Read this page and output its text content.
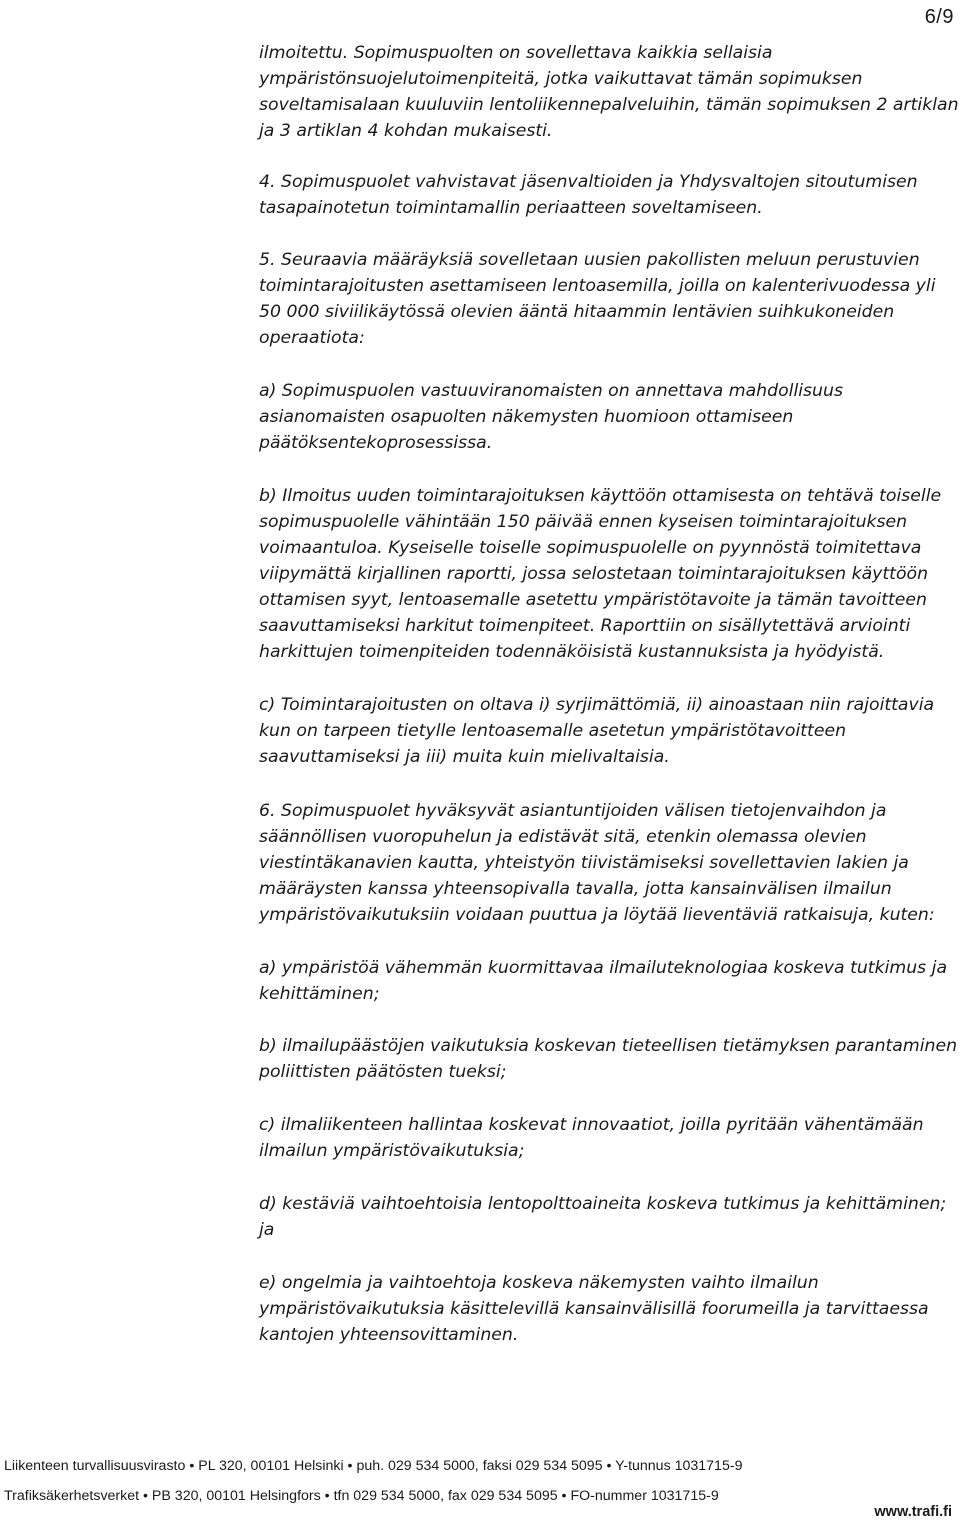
6/9

ilmoitettu. Sopimuspuolten on sovellettava kaikkia sellaisia ympäristönsuojelutoimenpiteitä, jotka vaikuttavat tämän sopimuksen soveltamisalaan kuuluviin lentoliikennepalveluihin, tämän sopimuksen 2 artiklan ja 3 artiklan 4 kohdan mukaisesti.

4. Sopimuspuolet vahvistavat jäsenvaltioiden ja Yhdysvaltojen sitoutumisen tasapainotetun toimintamallin periaatteen soveltamiseen.

5. Seuraavia määräyksiä sovelletaan uusien pakollisten meluun perustuvien toimintarajoitusten asettamiseen lentoasemilla, joilla on kalenterivuodessa yli 50 000 siviilikäytössä olevien ääntä hitaammin lentävien suihkukoneiden operaatiota:

a) Sopimuspuolen vastuuviranomaisten on annettava mahdollisuus asianomaisten osapuolten näkemysten huomioon ottamiseen päätöksentekoprosessissa.

b) Ilmoitus uuden toimintarajoituksen käyttöön ottamisesta on tehtävä toiselle sopimuspuolelle vähintään 150 päivää ennen kyseisen toimintarajoituksen voimaantuloa. Kyseiselle toiselle sopimuspuolelle on pyynnöstä toimitettava viipymättä kirjallinen raportti, jossa selostetaan toimintarajoituksen käyttöön ottamisen syyt, lentoasemalle asetettu ympäristötavoite ja tämän tavoitteen saavuttamiseksi harkitut toimenpiteet. Raporttiin on sisällytettävä arviointi harkittujen toimenpiteiden todennäköisistä kustannuksista ja hyödyistä.

c) Toimintarajoitusten on oltava i) syrjimättömiä, ii) ainoastaan niin rajoittavia kun on tarpeen tietylle lentoasemalle asetetun ympäristötavoitteen saavuttamiseksi ja iii) muita kuin mielivaltaisia.

6. Sopimuspuolet hyväksyvät asiantuntijoiden välisen tietojenvaihdon ja säännöllisen vuoropuhelun ja edistävät sitä, etenkin olemassa olevien viestintäkanavien kautta, yhteistyön tiivistämiseksi sovellettavien lakien ja määräysten kanssa yhteensopivalla tavalla, jotta kansainvälisen ilmailun ympäristövaikutuksiin voidaan puuttua ja löytää lieventäviä ratkaisuja, kuten:

a) ympäristöä vähemmän kuormittavaa ilmailuteknologiaa koskeva tutkimus ja kehittäminen;

b) ilmailupäästöjen vaikutuksia koskevan tieteellisen tietämyksen parantaminen poliittisten päätösten tueksi;

c) ilmaliikenteen hallintaa koskevat innovaatiot, joilla pyritään vähentämään ilmailun ympäristövaikutuksia;

d) kestäviä vaihtoehtoisia lentopolttoaineita koskeva tutkimus ja kehittäminen; ja

e) ongelmia ja vaihtoehtoja koskeva näkemysten vaihto ilmailun ympäristövaikutuksia käsittelevillä kansainvälisillä foorumeilla ja tarvittaessa kantojen yhteensovittaminen.

Liikenteen turvallisuusvirasto • PL 320, 00101 Helsinki • puh. 029 534 5000, faksi 029 534 5095 • Y-tunnus 1031715-9
Trafiksäkerhetsverket • PB 320, 00101 Helsingfors • tfn 029 534 5000, fax 029 534 5095 • FO-nummer 1031715-9
www.trafi.fi
